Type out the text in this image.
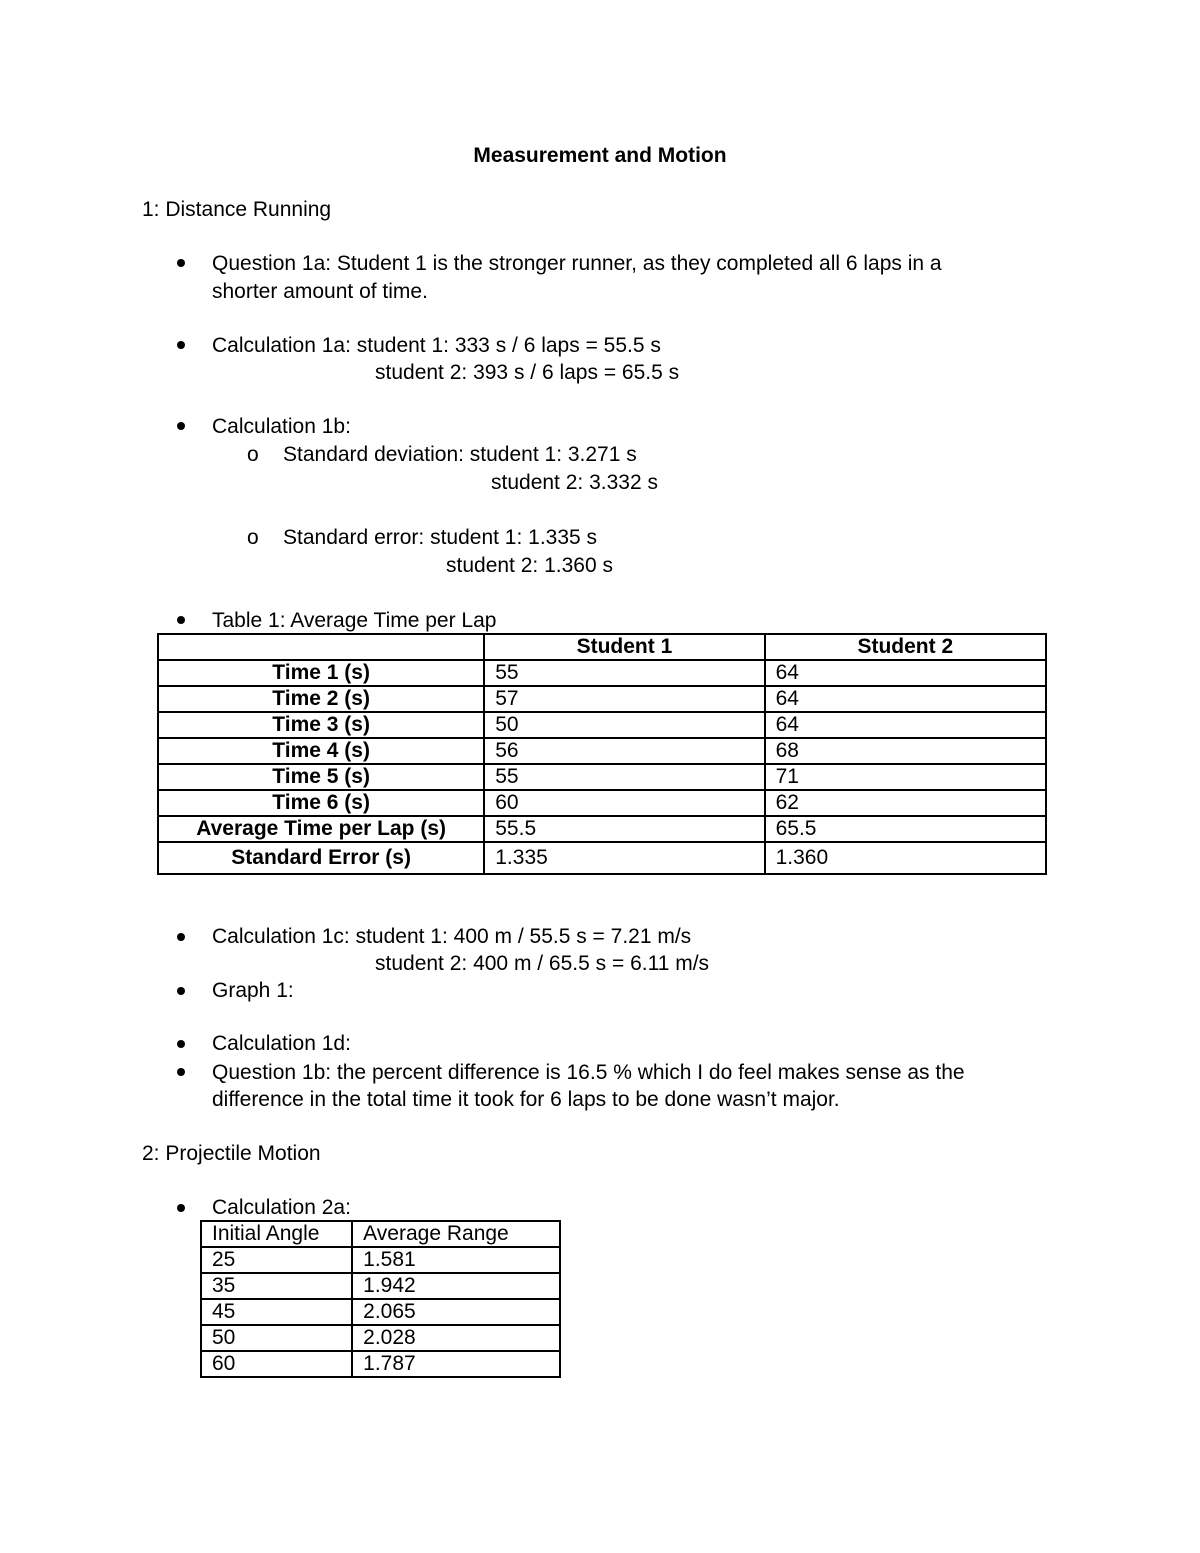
Measurement and Motion
1: Distance Running
Question 1a: Student 1 is the stronger runner, as they completed all 6 laps in a
shorter amount of time.
Calculation 1a: student 1: 333 s / 6 laps = 55.5 s
student 2: 393 s / 6 laps = 65.5 s
Calculation 1b:
o Standard deviation: student 1: 3.271 s
student 2: 3.332 s
o Standard error: student 1: 1.335 s
student 2: 1.360 s
Table 1: Average Time per Lap
	Student 1	Student 2
Time 1 (s)	55	64
Time 2 (s)	57	64
Time 3 (s)	50	64
Time 4 (s)	56	68
Time 5 (s)	55	71
Time 6 (s)	60	62
Average Time per Lap (s)	55.5	65.5
Standard Error (s)	1.335	1.360
Calculation 1c: student 1: 400 m / 55.5 s = 7.21 m/s
student 2: 400 m / 65.5 s = 6.11 m/s
Graph 1:
Calculation 1d:
Question 1b: the percent difference is 16.5 % which I do feel makes sense as the
difference in the total time it took for 6 laps to be done wasn’t major.
2: Projectile Motion
Calculation 2a:
Initial Angle	Average Range
25	1.581
35	1.942
45	2.065
50	2.028
60	1.787
